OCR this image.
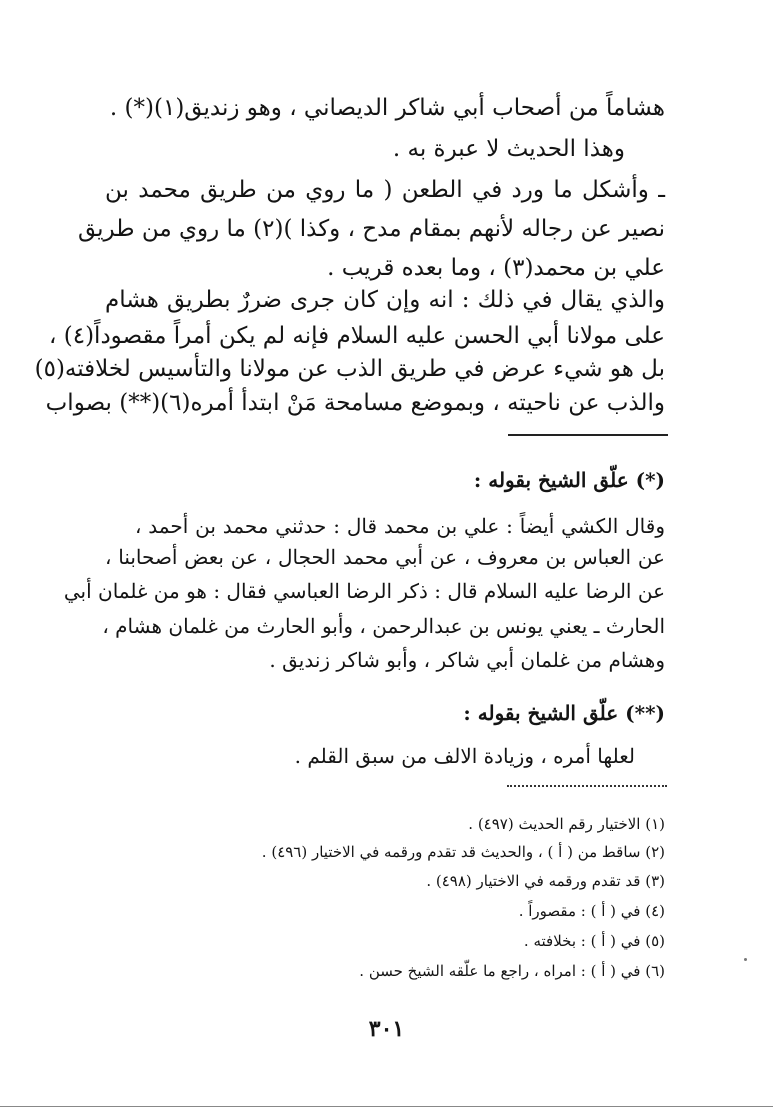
هشاماً من أصحاب أبي شاكر الديصاني ، وهو زنديق(١)(*) .
وهذا الحديث لا عبرة به .
ـ وأشكل ما ورد في الطعن ( ما روي من طريق محمد بن
نصير عن رجاله لأنهم بمقام مدح ، وكذا )(٢) ما روي من طريق
علي بن محمد(٣) ، وما بعده قريب .
والذي يقال في ذلك : انه وإن كان جرى ضررٌ بطريق هشام
على مولانا أبي الحسن عليه السلام فإنه لم يكن أمراً مقصوداً(٤) ،
بل هو شيء عرض في طريق الذب عن مولانا والتأسيس لخلافته(٥)
والذب عن ناحيته ، وبموضع مسامحة مَنْ ابتدأ أمره(٦)(**) بصواب
(*) علّق الشيخ بقوله :
وقال الكشي أيضاً : علي بن محمد قال : حدثني محمد بن أحمد ،
عن العباس بن معروف ، عن أبي محمد الحجال ، عن بعض أصحابنا ،
عن الرضا عليه السلام قال : ذكر الرضا العباسي فقال : هو من غلمان أبي
الحارث ـ يعني يونس بن عبدالرحمن ، وأبو الحارث من غلمان هشام ،
وهشام من غلمان أبي شاكر ، وأبو شاكر زنديق .
(**) علّق الشيخ بقوله :
لعلها أمره ، وزيادة الالف من سبق القلم .
(١) الاختيار رقم الحديث (٤٩٧) .
(٢) ساقط من ( أ ) ، والحديث قد تقدم ورقمه في الاختيار (٤٩٦) .
(٣) قد تقدم ورقمه في الاختيار (٤٩٨) .
(٤) في ( أ ) : مقصوراً .
(٥) في ( أ ) : بخلافته .
(٦) في ( أ ) : امراه ، راجع ما علّقه الشيخ حسن .
٣٠١
